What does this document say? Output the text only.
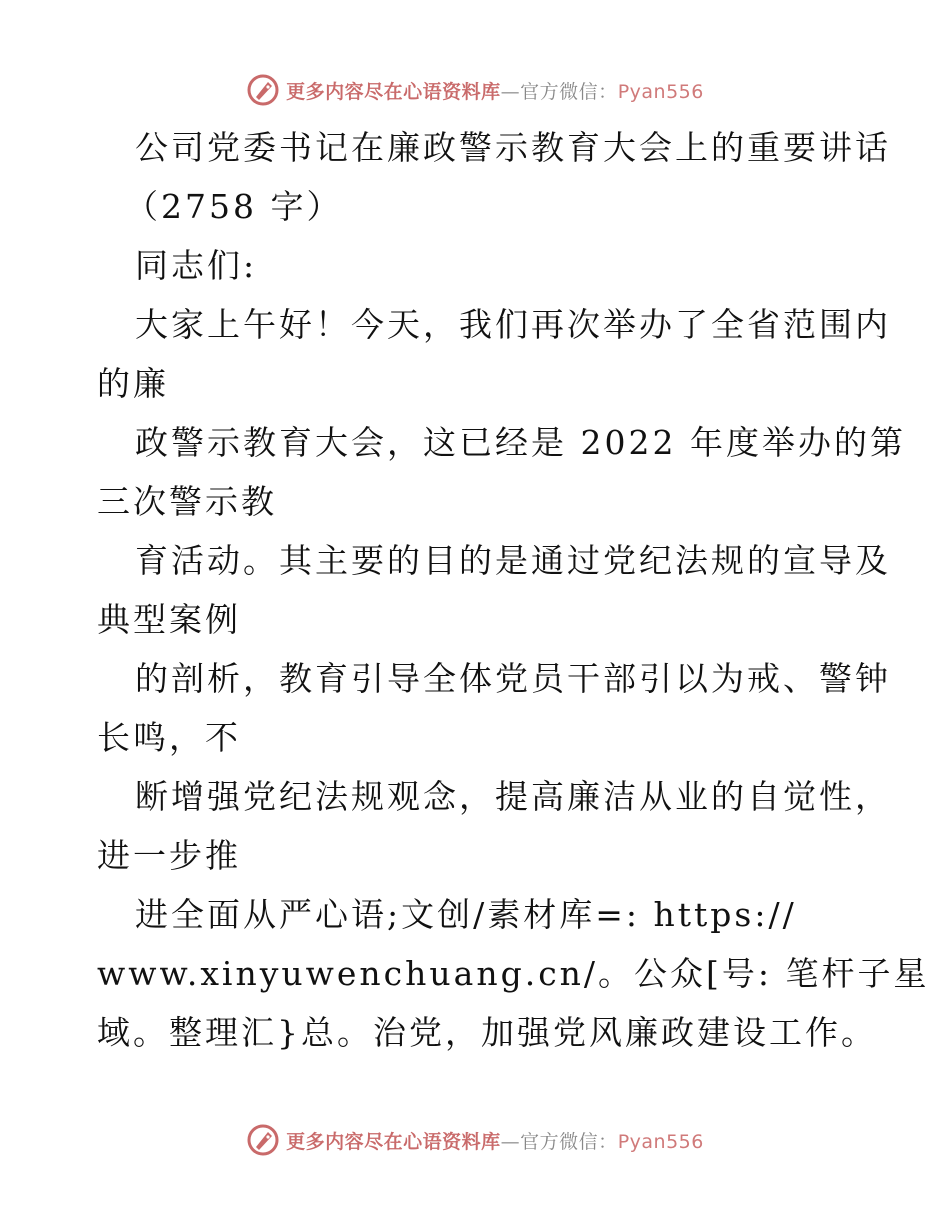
更多内容尽在心语资料库—官方微信：Pyan556
公司党委书记在廉政警示教育大会上的重要讲话
（2758 字）
同志们:
大家上午好！今天，我们再次举办了全省范围内
的廉
政警示教育大会，这已经是 2022 年度举办的第
三次警示教
育活动。其主要的目的是通过党纪法规的宣导及
典型案例
的剖析，教育引导全体党员干部引以为戒、警钟
长鸣，不
断增强党纪法规观念，提高廉洁从业的自觉性，
进一步推
进全面从严心语;文创/素材库=: https://
www.xinyuwenchuang.cn/。公众[号: 笔杆子星
域。整理汇}总。治党，加强党风廉政建设工作。
更多内容尽在心语资料库—官方微信：Pyan556
